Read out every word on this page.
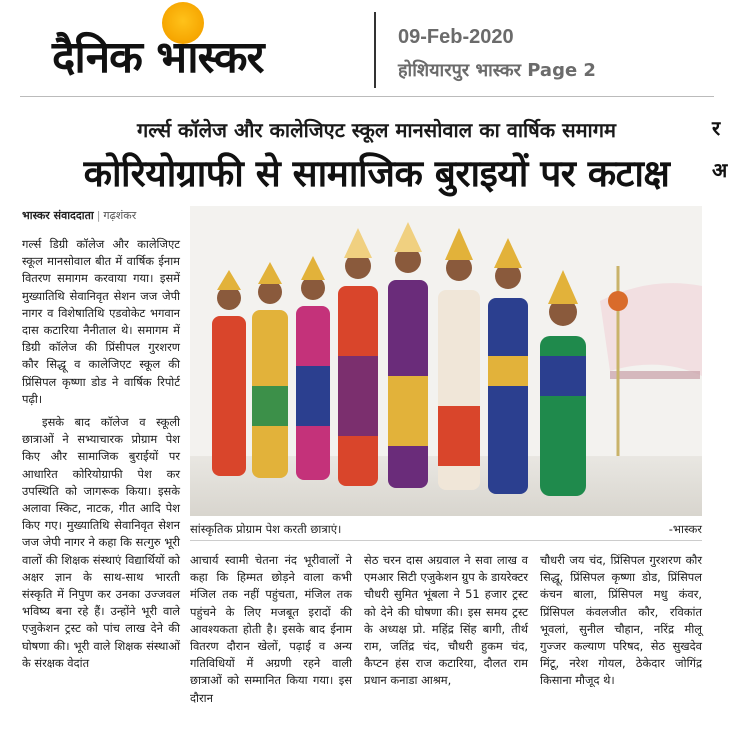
दैनिक भास्कर	09-Feb-2020
होशियारपुर भास्कर Page 2
गर्ल्स कॉलेज और कालेजिएट स्कूल मानसोवाल का वार्षिक समागम
कोरियोग्राफी से सामाजिक बुराइयों पर कटाक्ष
र
अ
भास्कर संवाददाता | गढ़शंकर

गर्ल्स डिग्री कॉलेज और कालेजिएट स्कूल मानसोवाल बीत में वार्षिक ईनाम वितरण समागम करवाया गया। इसमें मुख्यातिथि सेवानिवृत सेशन जज जेपी नागर व विशेषातिथि एडवोकेट भगवान दास कटारिया नैनीताल थे। समागम में डिग्री कॉलेज की प्रिंसीपल गुरशरण कौर सिद्धू व कालेजिएट स्कूल की प्रिंसिपल कृष्णा डोड ने वार्षिक रिपोर्ट पढ़ी।

इसके बाद कॉलेज व स्कूली छात्राओं ने सभ्याचारक प्रोग्राम पेश किए और सामाजिक बुराईयों पर आधारित कोरियोग्राफी पेश कर उपस्थिति को जागरूक किया। इसके अलावा स्किट, नाटक, गीत आदि पेश किए गए। मुख्यातिथि सेवानिवृत सेशन जज जेपी नागर ने कहा कि सत्गुरु भूरी वालों की शिक्षक संस्थाएं विद्यार्थियों को अक्षर ज्ञान के साथ-साथ भारती संस्कृति में निपुण कर उनका उज्जवल भविष्य बना रहे हैं। उन्होंने भूरी वाले एजुकेशन ट्रस्ट को पांच लाख देने की घोषणा की। भूरी वाले शिक्षक संस्थाओं के संरक्षक वेदांत

सांस्कृतिक प्रोग्राम पेश करती छात्राएं।	-भास्कर

आचार्य स्वामी चेतना नंद भूरीवालों ने कहा कि हिम्मत छोड़ने वाला कभी मंजिल तक नहीं पहुंचता, मंजिल तक पहुंचने के लिए मजबूत इरादों की आवश्यकता होती है। इसके बाद ईनाम वितरण दौरान खेलों, पढ़ाई व अन्य गतिविधियों में अग्रणी रहने वाली छात्राओं को सम्मानित किया गया। इस दौरान

सेठ चरन दास अग्रवाल ने सवा लाख व एमआर सिटी एजुकेशन ग्रुप के डायरेक्टर चौधरी सुमित भूंबला ने 51 हजार ट्रस्ट को देने की घोषणा की। इस समय ट्रस्ट के अध्यक्ष प्रो. महिंद्र सिंह बागी, तीर्थ राम, जतिंद्र चंद, चौधरी हुकम चंद, कैप्टन हंस राज कटारिया, दौलत राम प्रधान कनाडा आश्रम,

चौधरी जय चंद, प्रिंसिपल गुरशरण कौर सिद्धू, प्रिंसिपल कृष्णा डोड, प्रिंसिपल कंचन बाला, प्रिंसिपल मधु कंवर, प्रिंसिपल कंवलजीत कौर, रविकांत भूवलां, सुनील चौहान, नरिंद्र मीलू गुज्जर कल्याण परिषद, सेठ सुखदेव मिंटू, नरेश गोयल, ठेकेदार जोगिंद्र किसाना मौजूद थे।
